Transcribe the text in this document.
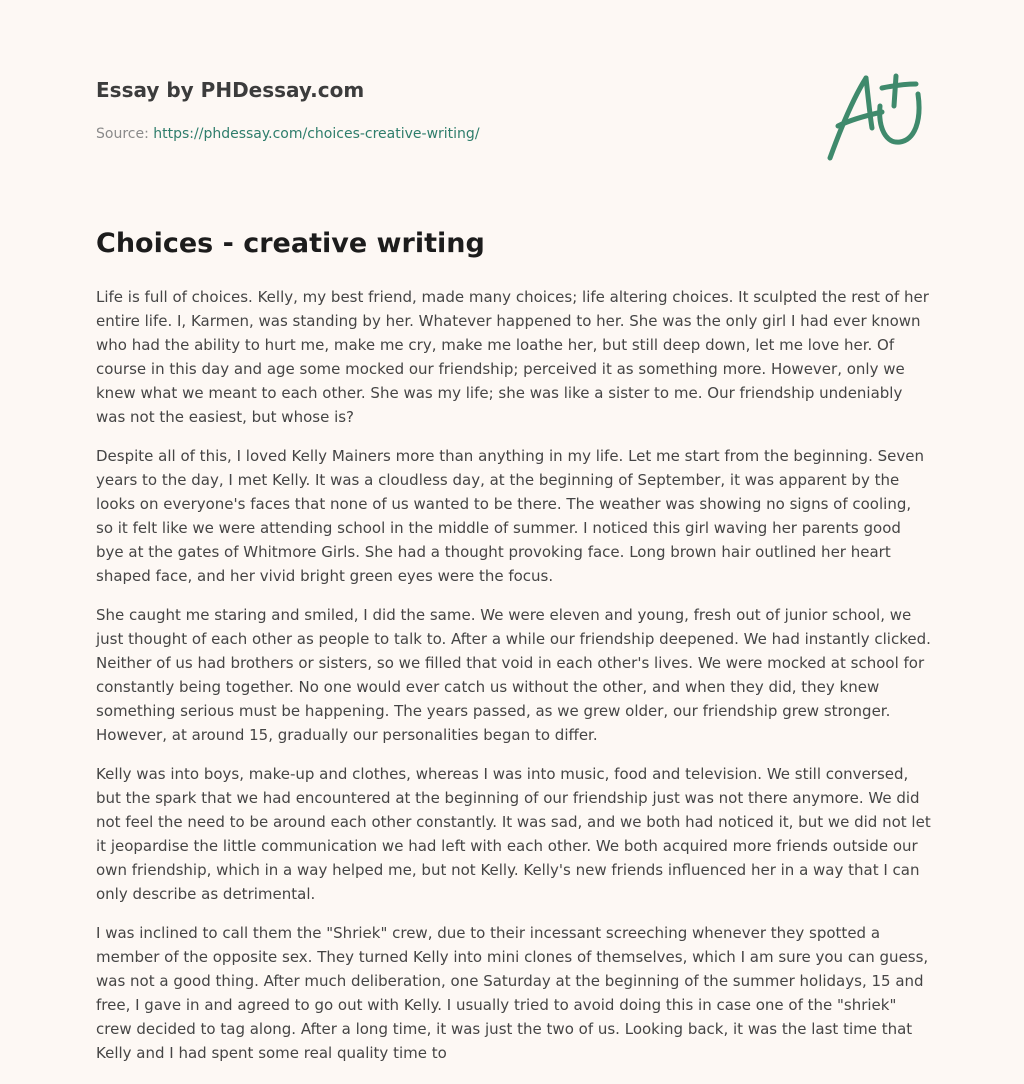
Essay by PHDessay.com
Source: https://phdessay.com/choices-creative-writing/
Choices - creative writing

Life is full of choices. Kelly, my best friend, made many choices; life altering choices. It sculpted the rest of her entire life. I, Karmen, was standing by her. Whatever happened to her. She was the only girl I had ever known who had the ability to hurt me, make me cry, make me loathe her, but still deep down, let me love her. Of course in this day and age some mocked our friendship; perceived it as something more. However, only we knew what we meant to each other. She was my life; she was like a sister to me. Our friendship undeniably was not the easiest, but whose is?

Despite all of this, I loved Kelly Mainers more than anything in my life. Let me start from the beginning. Seven years to the day, I met Kelly. It was a cloudless day, at the beginning of September, it was apparent by the looks on everyone's faces that none of us wanted to be there. The weather was showing no signs of cooling, so it felt like we were attending school in the middle of summer. I noticed this girl waving her parents good bye at the gates of Whitmore Girls. She had a thought provoking face. Long brown hair outlined her heart shaped face, and her vivid bright green eyes were the focus.

She caught me staring and smiled, I did the same. We were eleven and young, fresh out of junior school, we just thought of each other as people to talk to. After a while our friendship deepened. We had instantly clicked. Neither of us had brothers or sisters, so we filled that void in each other's lives. We were mocked at school for constantly being together. No one would ever catch us without the other, and when they did, they knew something serious must be happening. The years passed, as we grew older, our friendship grew stronger. However, at around 15, gradually our personalities began to differ.

Kelly was into boys, make-up and clothes, whereas I was into music, food and television. We still conversed, but the spark that we had encountered at the beginning of our friendship just was not there anymore. We did not feel the need to be around each other constantly. It was sad, and we both had noticed it, but we did not let it jeopardise the little communication we had left with each other. We both acquired more friends outside our own friendship, which in a way helped me, but not Kelly. Kelly's new friends influenced her in a way that I can only describe as detrimental.

I was inclined to call them the "Shriek" crew, due to their incessant screeching whenever they spotted a member of the opposite sex. They turned Kelly into mini clones of themselves, which I am sure you can guess, was not a good thing. After much deliberation, one Saturday at the beginning of the summer holidays, 15 and free, I gave in and agreed to go out with Kelly. I usually tried to avoid doing this in case one of the "shriek" crew decided to tag along. After a long time, it was just the two of us. Looking back, it was the last time that Kelly and I had spent some real quality time to
